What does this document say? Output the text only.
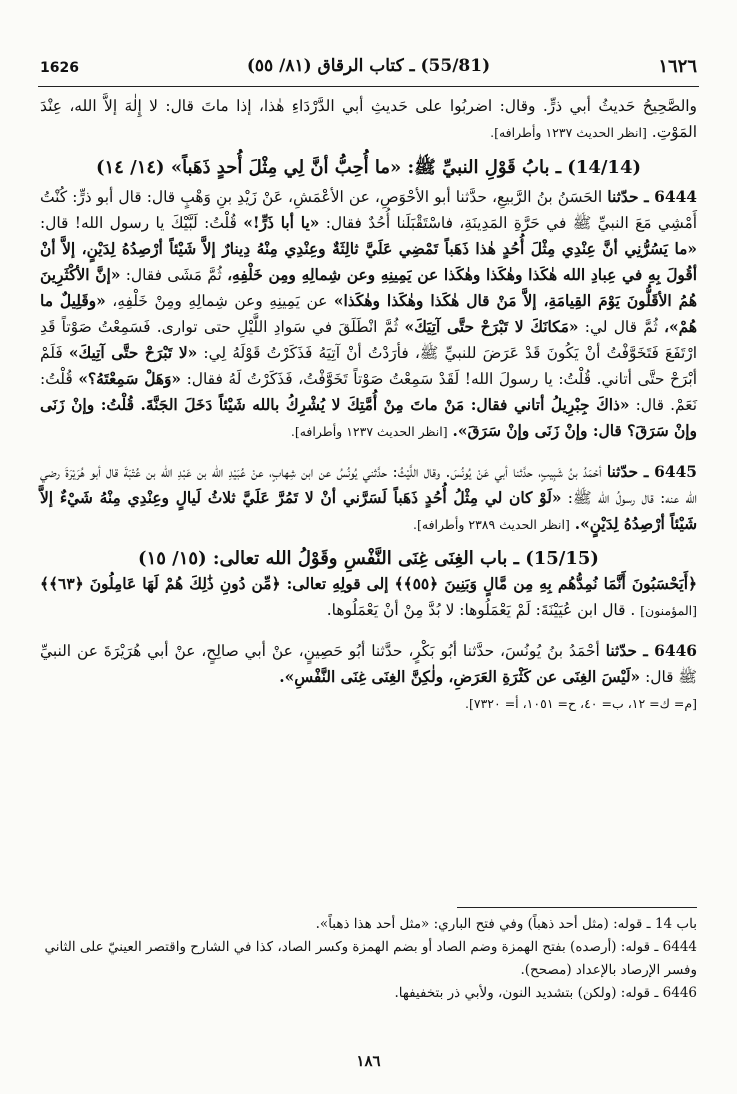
1626	(55/81) ـ كتاب الرقاق (٨١/ ٥٥)	١٦٢٦

والصَّحِيحُ حَديثُ أبي ذرٍّ. وقال: اضربُوا على حَديثِ أبي الدَّرْدَاءِ هٰذا، إذا ماتَ قال: لا إِلٰهَ إلاَّ الله، عِنْدَ المَوْتِ. [انظر الحديث ١٢٣٧ وأطرافه].

(14/14) ـ بابُ قَوْلِ النبيِّ ﷺ: «ما أُحِبُّ أنَّ لِي مِثْلَ أُحدٍ ذَهَباً» (١٤/ ١٤)

6444 ـ حدّثنا الحَسَنُ بنُ الرَّبيعِ، حدَّثنا أبو الأحْوَصِ، عن الأعْمَشِ، عَنْ زَيْدِ بنِ وَهْبٍ قال: قال أبو ذرٍّ: كُنْتُ أَمْشِي مَعَ النبيِّ ﷺ في حَرَّةِ المَدِينَةِ، فاسْتَقْبَلَنا أُحُدٌ فقال: «يا أبا ذَرٍّ!» قُلْتُ: لَبَّيْكَ يا رسول الله! قال: «ما يَسُرُّنِي أنَّ عِنْدِي مِثْلَ أُحُدٍ هٰذا ذَهَباً تَمْضِي عَلَيَّ ثالِثَةٌ وعِنْدِي مِنْهُ دِينارٌ إلاَّ شَيْئاً أرْصِدُهُ لِدَيْنٍ، إلاَّ أنْ أقُولَ بِهِ في عِبادِ الله هٰكَذا وهٰكَذا وهٰكَذا عن يَمِينِهِ وعن شِمالِهِ ومِن خَلْفِهِ، ثُمَّ مَشَى فقال: «إنَّ الأكْثَرِينَ هُمُ الأقَلُّونَ يَوْمَ القِيامَةِ، إلاَّ مَنْ قال هٰكَذا وهٰكَذا وهٰكَذا» عن يَمِينِهِ وعن شِمالِهِ ومِنْ خَلْفِهِ، «وقَلِيلٌ ما هُمْ»، ثُمَّ قال لي: «مَكانَكَ لا تَبْرَحْ حتَّى آتِيَكَ» ثُمَّ انْطَلَقَ في سَوادِ اللَّيْلِ حتى توارى. فَسَمِعْتُ صَوْتاً قَدِ ارْتَفَعَ فَتَخَوَّفْتُ أنْ يَكُونَ قَدْ عَرَضَ للنبيِّ ﷺ، فأرَدْتُ أنْ آتِيَهُ فَذَكَرْتُ قَوْلَهُ لِي: «لا تَبْرَحْ حتَّى آتِيكَ» فَلَمْ أبْرَحْ حتَّى أتاني. قُلْتُ: يا رسولَ الله! لَقَدْ سَمِعْتُ صَوْتاً تَخَوَّفْتُ، فَذَكَرْتُ لَهُ فقال: «وَهَلْ سَمِعْتَهُ؟» قُلْتُ: نَعَمْ. قال: «ذاكَ جِبْرِيلُ أتاني فقال: مَنْ ماتَ مِنْ أُمَّتِكَ لا يُشْرِكُ بالله شَيْئاً دَخَلَ الجَنَّةَ. قُلْتُ: وإنْ زَنَى وإنْ سَرَقَ؟ قال: وإنْ زَنَى وإنْ سَرَقَ». [انظر الحديث ١٢٣٧ وأطرافه].

6445 ـ حدّثنا أحْمَدُ بنُ شَبِيبٍ، حدَّثنا أبي عَنْ يُونُسَ. وقال اللَّيْثُ: حدَّثني يُونُسُ عن ابن شِهابٍ، عنْ عُبَيْدِ الله بن عَبْدِ الله بن عُتْبَةَ قال أبو هُرَيْرَةَ رضي الله عنه: قال رسولُ الله ﷺ: «لَوْ كان لي مِثْلُ أُحُدٍ ذَهَباً لَسَرَّني أنْ لا تَمُرَّ عَلَيَّ ثلاثُ لَيالٍ وعِنْدِي مِنْهُ شَيْءٌ إلاَّ شَيْئاً أرْصِدُهُ لِدَيْنٍ». [انظر الحديث ٢٣٨٩ وأطرافه].

(15/15) ـ باب الغِنَى غِنَى النَّفْسِ وقَوْلُ الله تعالى: (١٥/ ١٥)

﴿أَيَحْسَبُونَ أَنَّمَا نُمِدُّهُم بِهِ مِن مَّالٍ وَبَنِينَ ﴿٥٥﴾﴾ إلى قولِهِ تعالى: ﴿مِّن دُونِ ذَٰلِكَ هُمْ لَهَا عَامِلُونَ ﴿٦٣﴾﴾ [المؤمنون] . قال ابن عُيَيْنَةَ: لَمْ يَعْمَلُوها: لا بُدَّ مِنْ أنْ يَعْمَلُوها.

6446 ـ حدّثنا أحْمَدُ بنُ يُونُسَ، حدَّثنا أبُو بَكْرٍ، حدَّثنا أبُو حَصِينٍ، عنْ أبي صالِحٍ، عنْ أبي هُرَيْرَةَ عن النبيِّ ﷺ قال: «لَيْسَ الغِنَى عن كَثْرَةِ العَرَضِ، ولٰكِنَّ الغِنَى غِنَى النَّفْسِ».

[م= ك= ١٢، ب= ٤٠، ح= ١٠٥١، أ= ٧٣٢٠].

باب 14 ـ قوله: (مثل أحد ذهباً) وفي فتح الباري: «مثل أحد هذا ذهباً».

6444 ـ قوله: (أرصده) بفتح الهمزة وضم الصاد أو بضم الهمزة وكسر الصاد، كذا في الشارح واقتصر العينيّ على الثاني وفسر الإرصاد بالإعداد (مصحح).

6446 ـ قوله: (ولكن) بتشديد النون، ولأبي ذر بتخفيفها.

١٨٦
